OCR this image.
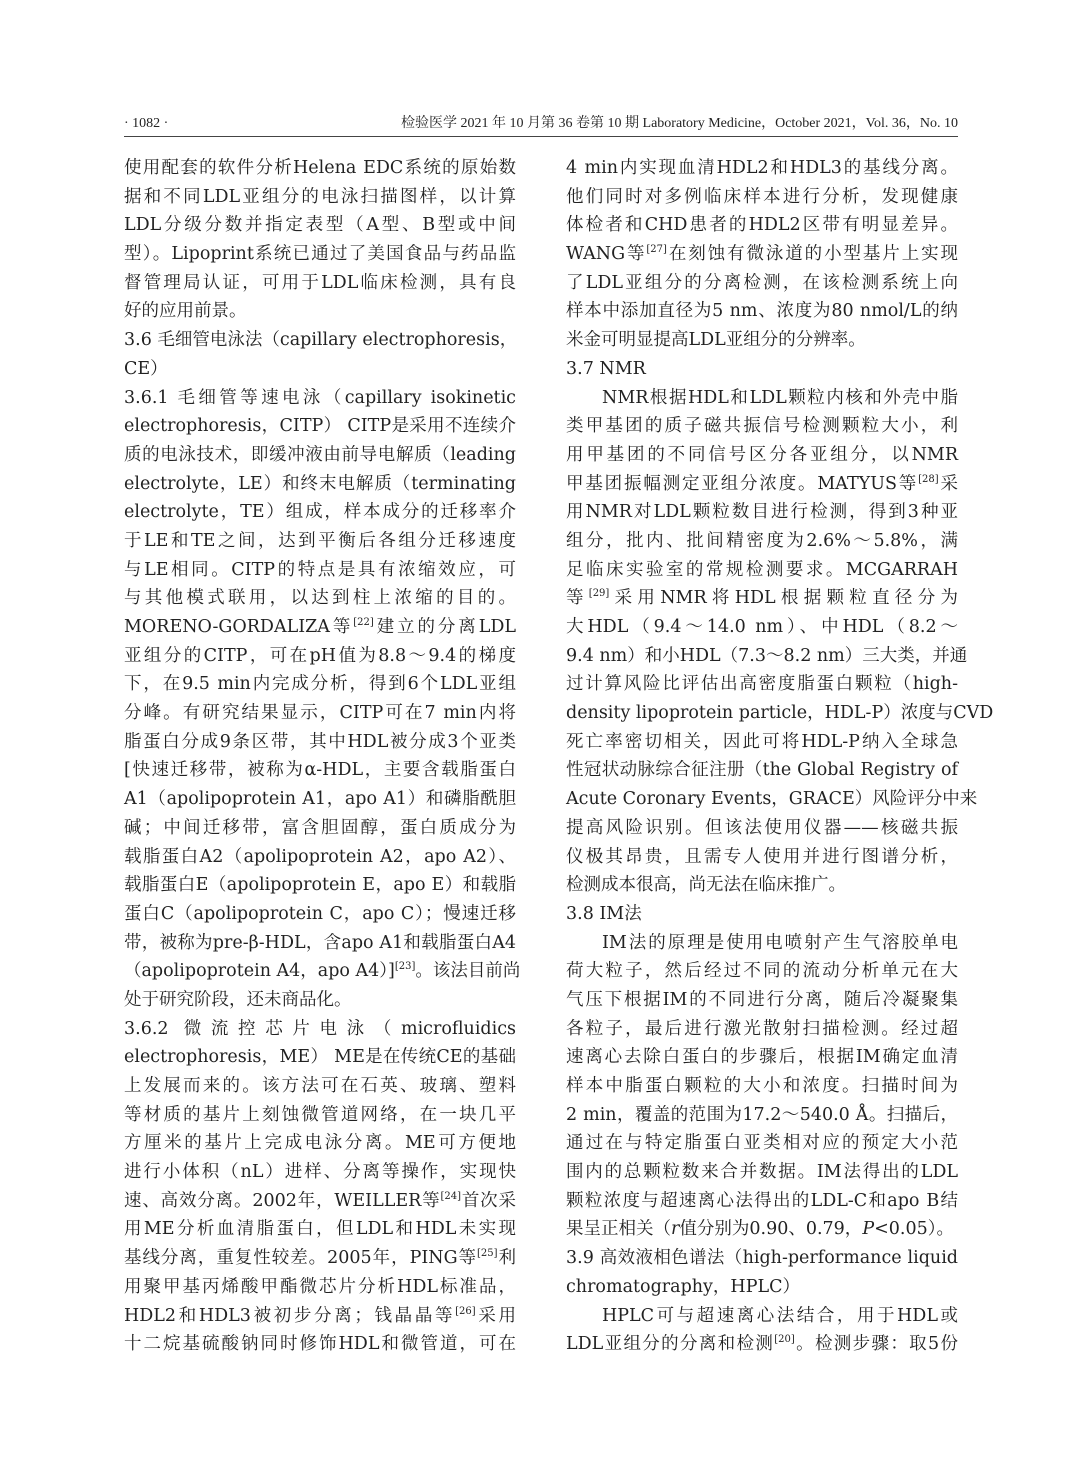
· 1082 ·	检验医学 2021 年 10 月第 36 卷第 10 期 Laboratory Medicine，October 2021，Vol. 36，No. 10
使用配套的软件分析Helena EDC系统的原始数
据和不同LDL亚组分的电泳扫描图样，以计算
LDL分级分数并指定表型（A型、B型或中间
型）。Lipoprint系统已通过了美国食品与药品监
督管理局认证，可用于LDL临床检测，具有良
好的应用前景。
3.6 毛细管电泳法（capillary electrophoresis，
CE）
3.6.1 毛细管等速电泳（capillary isokinetic
electrophoresis，CITP） CITP是采用不连续介
质的电泳技术，即缓冲液由前导电解质（leading
electrolyte，LE）和终末电解质（terminating
electrolyte，TE）组成，样本成分的迁移率介
于LE和TE之间，达到平衡后各组分迁移速度
与LE相同。CITP的特点是具有浓缩效应，可
与其他模式联用，以达到柱上浓缩的目的。
MORENO-GORDALIZA等[22]建立的分离LDL
亚组分的CITP，可在pH值为8.8～9.4的梯度
下，在9.5 min内完成分析，得到6个LDL亚组
分峰。有研究结果显示，CITP可在7 min内将
脂蛋白分成9条区带，其中HDL被分成3个亚类
[快速迁移带，被称为α-HDL，主要含载脂蛋白
A1（apolipoprotein A1，apo A1）和磷脂酰胆
碱；中间迁移带，富含胆固醇，蛋白质成分为
载脂蛋白A2（apolipoprotein A2，apo A2）、
载脂蛋白E（apolipoprotein E，apo E）和载脂
蛋白C（apolipoprotein C，apo C）；慢速迁移
带，被称为pre-β-HDL，含apo A1和载脂蛋白A4
（apolipoprotein A4，apo A4）][23]。该法目前尚
处于研究阶段，还未商品化。
3.6.2 微流控芯片电泳（microfluidics
electrophoresis，ME） ME是在传统CE的基础
上发展而来的。该方法可在石英、玻璃、塑料
等材质的基片上刻蚀微管道网络，在一块几平
方厘米的基片上完成电泳分离。ME可方便地
进行小体积（nL）进样、分离等操作，实现快
速、高效分离。2002年，WEILLER等[24]首次采
用ME分析血清脂蛋白，但LDL和HDL未实现
基线分离，重复性较差。2005年，PING等[25]利
用聚甲基丙烯酸甲酯微芯片分析HDL标准品，
HDL2和HDL3被初步分离；钱晶晶等[26]采用
十二烷基硫酸钠同时修饰HDL和微管道，可在
4 min内实现血清HDL2和HDL3的基线分离。
他们同时对多例临床样本进行分析，发现健康
体检者和CHD患者的HDL2区带有明显差异。
WANG等[27]在刻蚀有微泳道的小型基片上实现
了LDL亚组分的分离检测，在该检测系统上向
样本中添加直径为5 nm、浓度为80 nmol/L的纳
米金可明显提高LDL亚组分的分辨率。
3.7 NMR
NMR根据HDL和LDL颗粒内核和外壳中脂
类甲基团的质子磁共振信号检测颗粒大小，利
用甲基团的不同信号区分各亚组分，以NMR
甲基团振幅测定亚组分浓度。MATYUS等[28]采
用NMR对LDL颗粒数目进行检测，得到3种亚
组分，批内、批间精密度为2.6%～5.8%，满
足临床实验室的常规检测要求。MCGARRAH
等[29]采用NMR将HDL根据颗粒直径分为
大HDL（9.4～14.0 nm）、中HDL（8.2～
9.4 nm）和小HDL（7.3～8.2 nm）三大类，并通
过计算风险比评估出高密度脂蛋白颗粒（high-
density lipoprotein particle，HDL-P）浓度与CVD
死亡率密切相关，因此可将HDL-P纳入全球急
性冠状动脉综合征注册（the Global Registry of
Acute Coronary Events，GRACE）风险评分中来
提高风险识别。但该法使用仪器——核磁共振
仪极其昂贵，且需专人使用并进行图谱分析，
检测成本很高，尚无法在临床推广。
3.8 IM法
IM法的原理是使用电喷射产生气溶胶单电
荷大粒子，然后经过不同的流动分析单元在大
气压下根据IM的不同进行分离，随后冷凝聚集
各粒子，最后进行激光散射扫描检测。经过超
速离心去除白蛋白的步骤后，根据IM确定血清
样本中脂蛋白颗粒的大小和浓度。扫描时间为
2 min，覆盖的范围为17.2～540.0 Å。扫描后，
通过在与特定脂蛋白亚类相对应的预定大小范
围内的总颗粒数来合并数据。IM法得出的LDL
颗粒浓度与超速离心法得出的LDL-C和apo B结
果呈正相关（r值分别为0.90、0.79，P<0.05）。
3.9 高效液相色谱法（high-performance liquid
chromatography，HPLC）
HPLC可与超速离心法结合，用于HDL或
LDL亚组分的分离和检测[20]。检测步骤：取5份
